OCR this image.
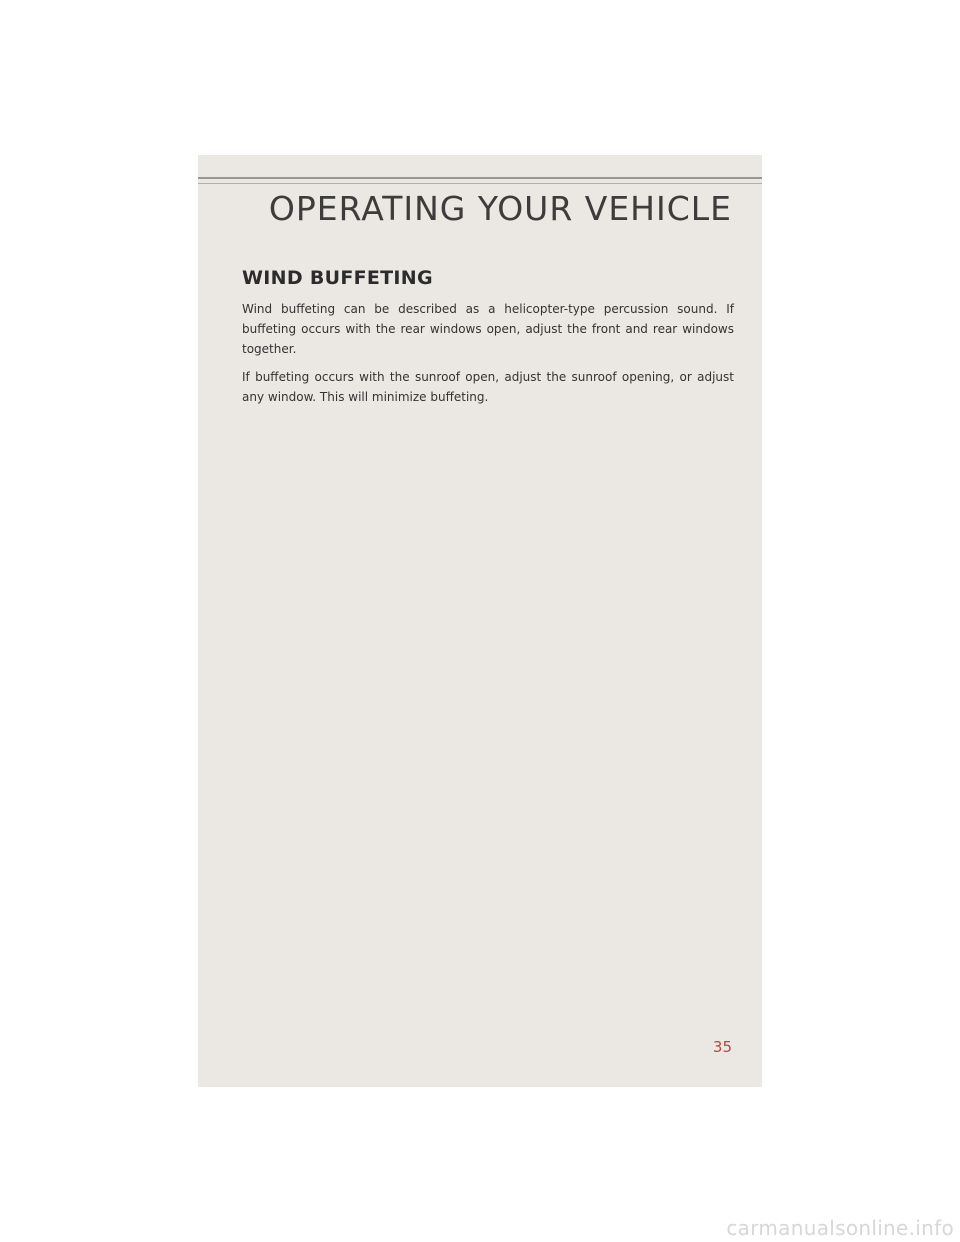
OPERATING YOUR VEHICLE
WIND BUFFETING

Wind buffeting can be described as a helicopter-type percussion sound. If buffeting occurs with the rear windows open, adjust the front and rear windows together.

If buffeting occurs with the sunroof open, adjust the sunroof opening, or adjust any window. This will minimize buffeting.

35

carmanualsonline.info
